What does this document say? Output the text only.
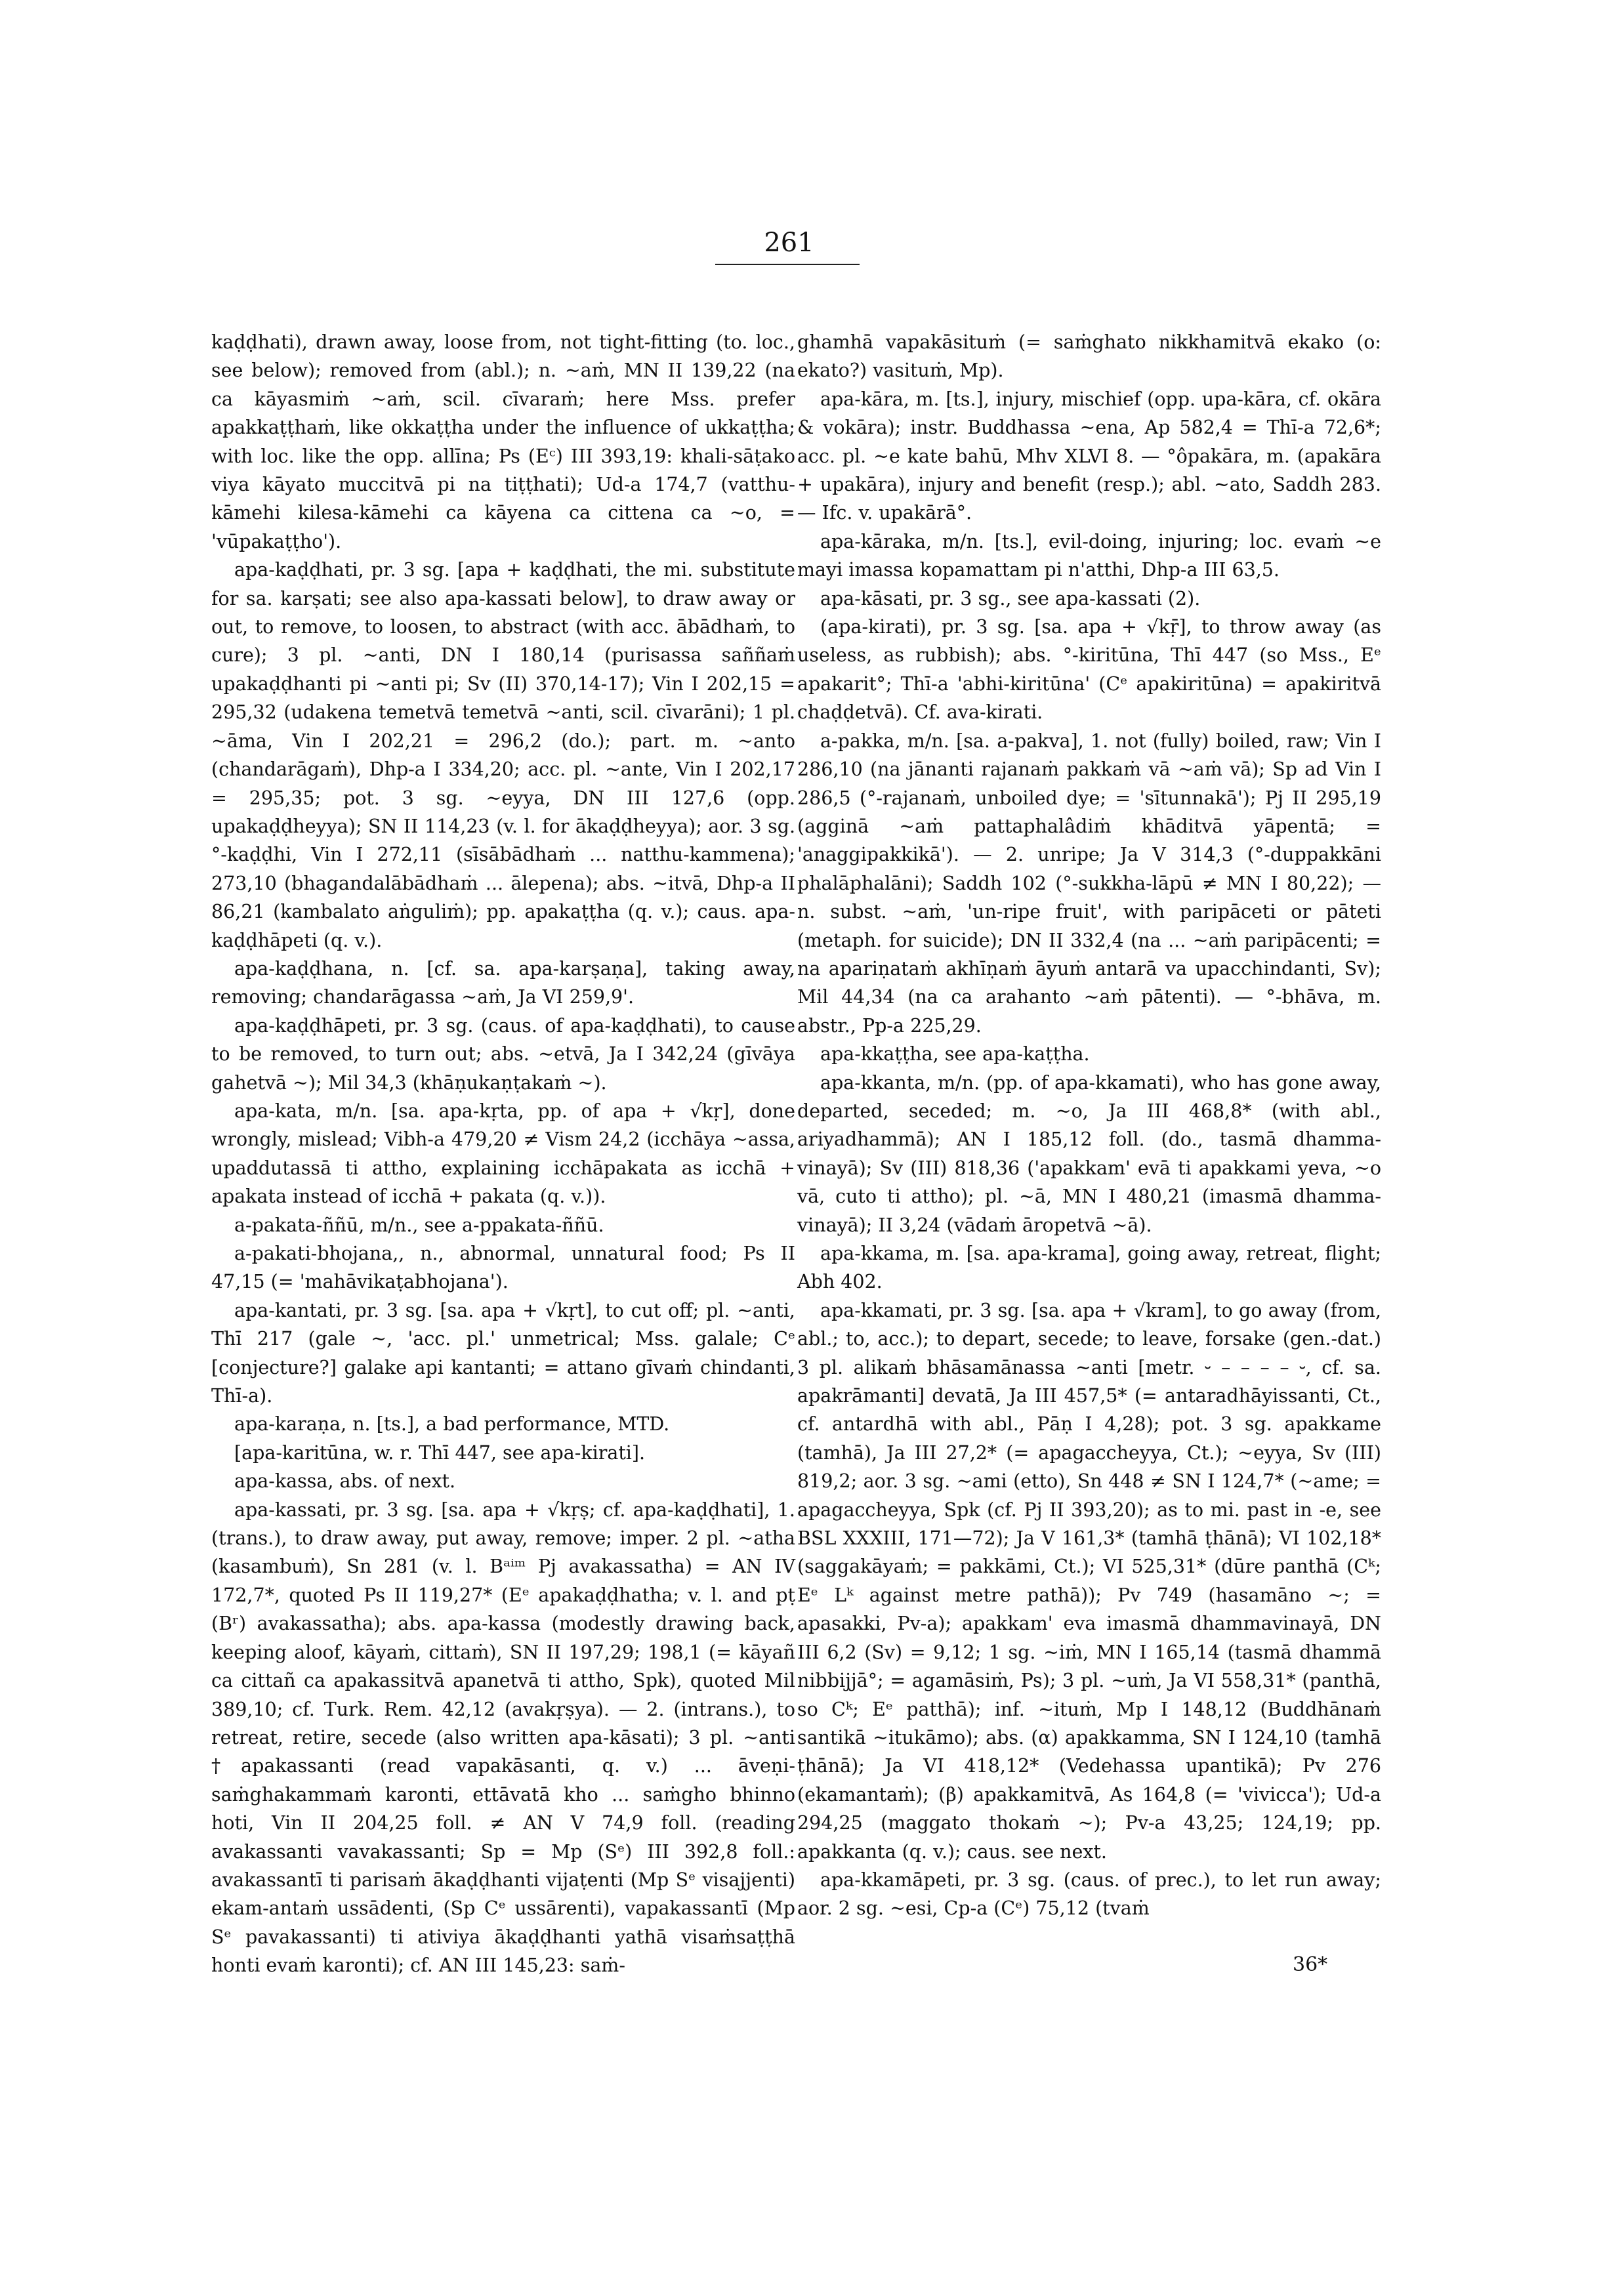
261

kaḍḍhati), drawn away, loose from, not tight-fitting (to. loc., see below); removed from (abl.); n. ~aṁ, MN II 139,22 (na ca kāyasmiṁ ~aṁ, scil. cīvaraṁ; here Mss. prefer apakkaṭṭhaṁ, like okkaṭṭha under the influence of ukkaṭṭha; with loc. like the opp. allīna; Ps (Eᶜ) III 393,19: khali-sāṭako viya kāyato muccitvā pi na tiṭṭhati); Ud-a 174,7 (vatthu-kāmehi kilesa-kāmehi ca kāyena ca cittena ca ~o, = 'vūpakaṭṭho').

apa-kaḍḍhati, pr. 3 sg. [apa + kaḍḍhati, the mi. substitute for sa. karṣati; see also apa-kassati below], to draw away or out, to remove, to loosen, to abstract (with acc. ābādhaṁ, to cure); 3 pl. ~anti, DN I 180,14 (purisassa saññaṁ upakaḍḍhanti pi ~anti pi; Sv (II) 370,14-17); Vin I 202,15 = 295,32 (udakena temetvā temetvā ~anti, scil. cīvarāni); 1 pl. ~āma, Vin I 202,21 = 296,2 (do.); part. m. ~anto (chandarāgaṁ), Dhp-a I 334,20; acc. pl. ~ante, Vin I 202,17 = 295,35; pot. 3 sg. ~eyya, DN III 127,6 (opp. upakaḍḍheyya); SN II 114,23 (v. l. for ākaḍḍheyya); aor. 3 sg. °-kaḍḍhi, Vin I 272,11 (sīsābādhaṁ ... natthu-kammena); 273,10 (bhagandalābādhaṁ ... ālepena); abs. ~itvā, Dhp-a II 86,21 (kambalato aṅguliṁ); pp. apakaṭṭha (q. v.); caus. apa-kaḍḍhāpeti (q. v.).

apa-kaḍḍhana, n. [cf. sa. apa-karṣaṇa], taking away, removing; chandarāgassa ~aṁ, Ja VI 259,9'.

apa-kaḍḍhāpeti, pr. 3 sg. (caus. of apa-kaḍḍhati), to cause to be removed, to turn out; abs. ~etvā, Ja I 342,24 (gīvāya gahetvā ~); Mil 34,3 (khāṇukaṇṭakaṁ ~).

apa-kata, m/n. [sa. apa-kṛta, pp. of apa + √kṛ], done wrongly, mislead; Vibh-a 479,20 ≠ Vism 24,2 (icchāya ~assa, upaddutassā ti attho, explaining icchāpakata as icchā + apakata instead of icchā + pakata (q. v.)).

a-pakata-ññū, m/n., see a-ppakata-ññū.

a-pakati-bhojana,, n., abnormal, unnatural food; Ps II 47,15 (= 'mahāvikaṭabhojana').

apa-kantati, pr. 3 sg. [sa. apa + √kṛt], to cut off; pl. ~anti, Thī 217 (gale ~, 'acc. pl.' unmetrical; Mss. galale; Cᵉ [conjecture?] galake api kantanti; = attano gīvaṁ chindanti, Thī-a).

apa-karaṇa, n. [ts.], a bad performance, MTD.

[apa-karitūna, w. r. Thī 447, see apa-kirati].

apa-kassa, abs. of next.

apa-kassati, pr. 3 sg. [sa. apa + √kṛṣ; cf. apa-kaḍḍhati], 1. (trans.), to draw away, put away, remove; imper. 2 pl. ~atha (kasambuṁ), Sn 281 (v. l. Bᵃⁱᵐ Pj avakassatha) = AN IV 172,7*, quoted Ps II 119,27* (Eᵉ apakaḍḍhatha; v. l. and pṭ (Bʳ) avakassatha); abs. apa-kassa (modestly drawing back, keeping aloof, kāyaṁ, cittaṁ), SN II 197,29; 198,1 (= kāyañ ca cittañ ca apakassitvā apanetvā ti attho, Spk), quoted Mil 389,10; cf. Turk. Rem. 42,12 (avakṛṣya). — 2. (intrans.), to retreat, retire, secede (also written apa-kāsati); 3 pl. ~anti †apakassanti (read vapakāsanti, q. v.) ... āveṇi-saṁghakammaṁ karonti, ettāvatā kho ... saṁgho bhinno hoti, Vin II 204,25 foll. ≠ AN V 74,9 foll. (reading avakassanti vavakassanti; Sp = Mp (Sᵉ) III 392,8 foll.: avakassantī ti parisaṁ ākaḍḍhanti vijaṭenti (Mp Sᵉ visajjenti) ekam-antaṁ ussādenti, (Sp Cᵉ ussārenti), vapakassantī (Mp Sᵉ pavakassanti) ti ativiya ākaḍḍhanti yathā visaṁsaṭṭhā honti evaṁ karonti); cf. AN III 145,23: saṁ-

ghamhā vapakāsituṁ (= saṁghato nikkhamitvā ekako (o: ekato?) vasituṁ, Mp).

apa-kāra, m. [ts.], injury, mischief (opp. upa-kāra, cf. okāra & vokāra); instr. Buddhassa ~ena, Ap 582,4 = Thī-a 72,6*; acc. pl. ~e kate bahū, Mhv XLVI 8. — °ôpakāra, m. (apakāra + upakāra), injury and benefit (resp.); abl. ~ato, Saddh 283. — Ifc. v. upakārā°.

apa-kāraka, m/n. [ts.], evil-doing, injuring; loc. evaṁ ~e mayi imassa kopamattam pi n'atthi, Dhp-a III 63,5.

apa-kāsati, pr. 3 sg., see apa-kassati (2).

(apa-kirati), pr. 3 sg. [sa. apa + √kṝ], to throw away (as useless, as rubbish); abs. °-kiritūna, Thī 447 (so Mss., Eᵉ apakarit°; Thī-a 'abhi-kiritūna' (Cᵉ apakiritūna) = apakiritvā chaḍḍetvā). Cf. ava-kirati.

a-pakka, m/n. [sa. a-pakva], 1. not (fully) boiled, raw; Vin I 286,10 (na jānanti rajanaṁ pakkaṁ vā ~aṁ vā); Sp ad Vin I 286,5 (°-rajanaṁ, unboiled dye; = 'sītunnakā'); Pj II 295,19 (agginā ~aṁ pattaphalâdiṁ khāditvā yāpentā; = 'anaggipakkikā'). — 2. unripe; Ja V 314,3 (°-duppakkāni phalāphalāni); Saddh 102 (°-sukkha-lāpū ≠ MN I 80,22); — n. subst. ~aṁ, 'un-ripe fruit', with paripāceti or pāteti (metaph. for suicide); DN II 332,4 (na ... ~aṁ paripācenti; = na apariṇataṁ akhīṇaṁ āyuṁ antarā va upacchindanti, Sv); Mil 44,34 (na ca arahanto ~aṁ pātenti). — °-bhāva, m. abstr., Pp-a 225,29.

apa-kkaṭṭha, see apa-kaṭṭha.

apa-kkanta, m/n. (pp. of apa-kkamati), who has gone away, departed, seceded; m. ~o, Ja III 468,8* (with abl., ariyadhammā); AN I 185,12 foll. (do., tasmā dhamma-vinayā); Sv (III) 818,36 ('apakkam' evā ti apakkami yeva, ~o vā, cuto ti attho); pl. ~ā, MN I 480,21 (imasmā dhamma-vinayā); II 3,24 (vādaṁ āropetvā ~ā).

apa-kkama, m. [sa. apa-krama], going away, retreat, flight; Abh 402.

apa-kkamati, pr. 3 sg. [sa. apa + √kram], to go away (from, abl.; to, acc.); to depart, secede; to leave, forsake (gen.-dat.) 3 pl. alikaṁ bhāsamānassa ~anti [metr. ⏑ – – – – ⏑, cf. sa. apakrāmanti] devatā, Ja III 457,5* (= antaradhāyissanti, Ct., cf. antardhā with abl., Pāṇ I 4,28); pot. 3 sg. apakkame (tamhā), Ja III 27,2* (= apagaccheyya, Ct.); ~eyya, Sv (III) 819,2; aor. 3 sg. ~ami (etto), Sn 448 ≠ SN I 124,7* (~ame; = apagaccheyya, Spk (cf. Pj II 393,20); as to mi. past in -e, see BSL XXXIII, 171—72); Ja V 161,3* (tamhā ṭhānā); VI 102,18* (saggakāyaṁ; = pakkāmi, Ct.); VI 525,31* (dūre panthā (Cᵏ; Eᵉ Lᵏ against metre pathā)); Pv 749 (hasamāno ~; = apasakki, Pv-a); apakkam' eva imasmā dhammavinayā, DN III 6,2 (Sv) = 9,12; 1 sg. ~iṁ, MN I 165,14 (tasmā dhammā nibbijjā°; = agamāsiṁ, Ps); 3 pl. ~uṁ, Ja VI 558,31* (panthā, so Cᵏ; Eᵉ patthā); inf. ~ituṁ, Mp I 148,12 (Buddhānaṁ santikā ~itukāmo); abs. (α) apakkamma, SN I 124,10 (tamhā ṭhānā); Ja VI 418,12* (Vedehassa upantikā); Pv 276 (ekamantaṁ); (β) apakkamitvā, As 164,8 (= 'vivicca'); Ud-a 294,25 (maggato thokaṁ ~); Pv-a 43,25; 124,19; pp. apakkanta (q. v.); caus. see next.

apa-kkamāpeti, pr. 3 sg. (caus. of prec.), to let run away; aor. 2 sg. ~esi, Cp-a (Cᵉ) 75,12 (tvaṁ

36*
